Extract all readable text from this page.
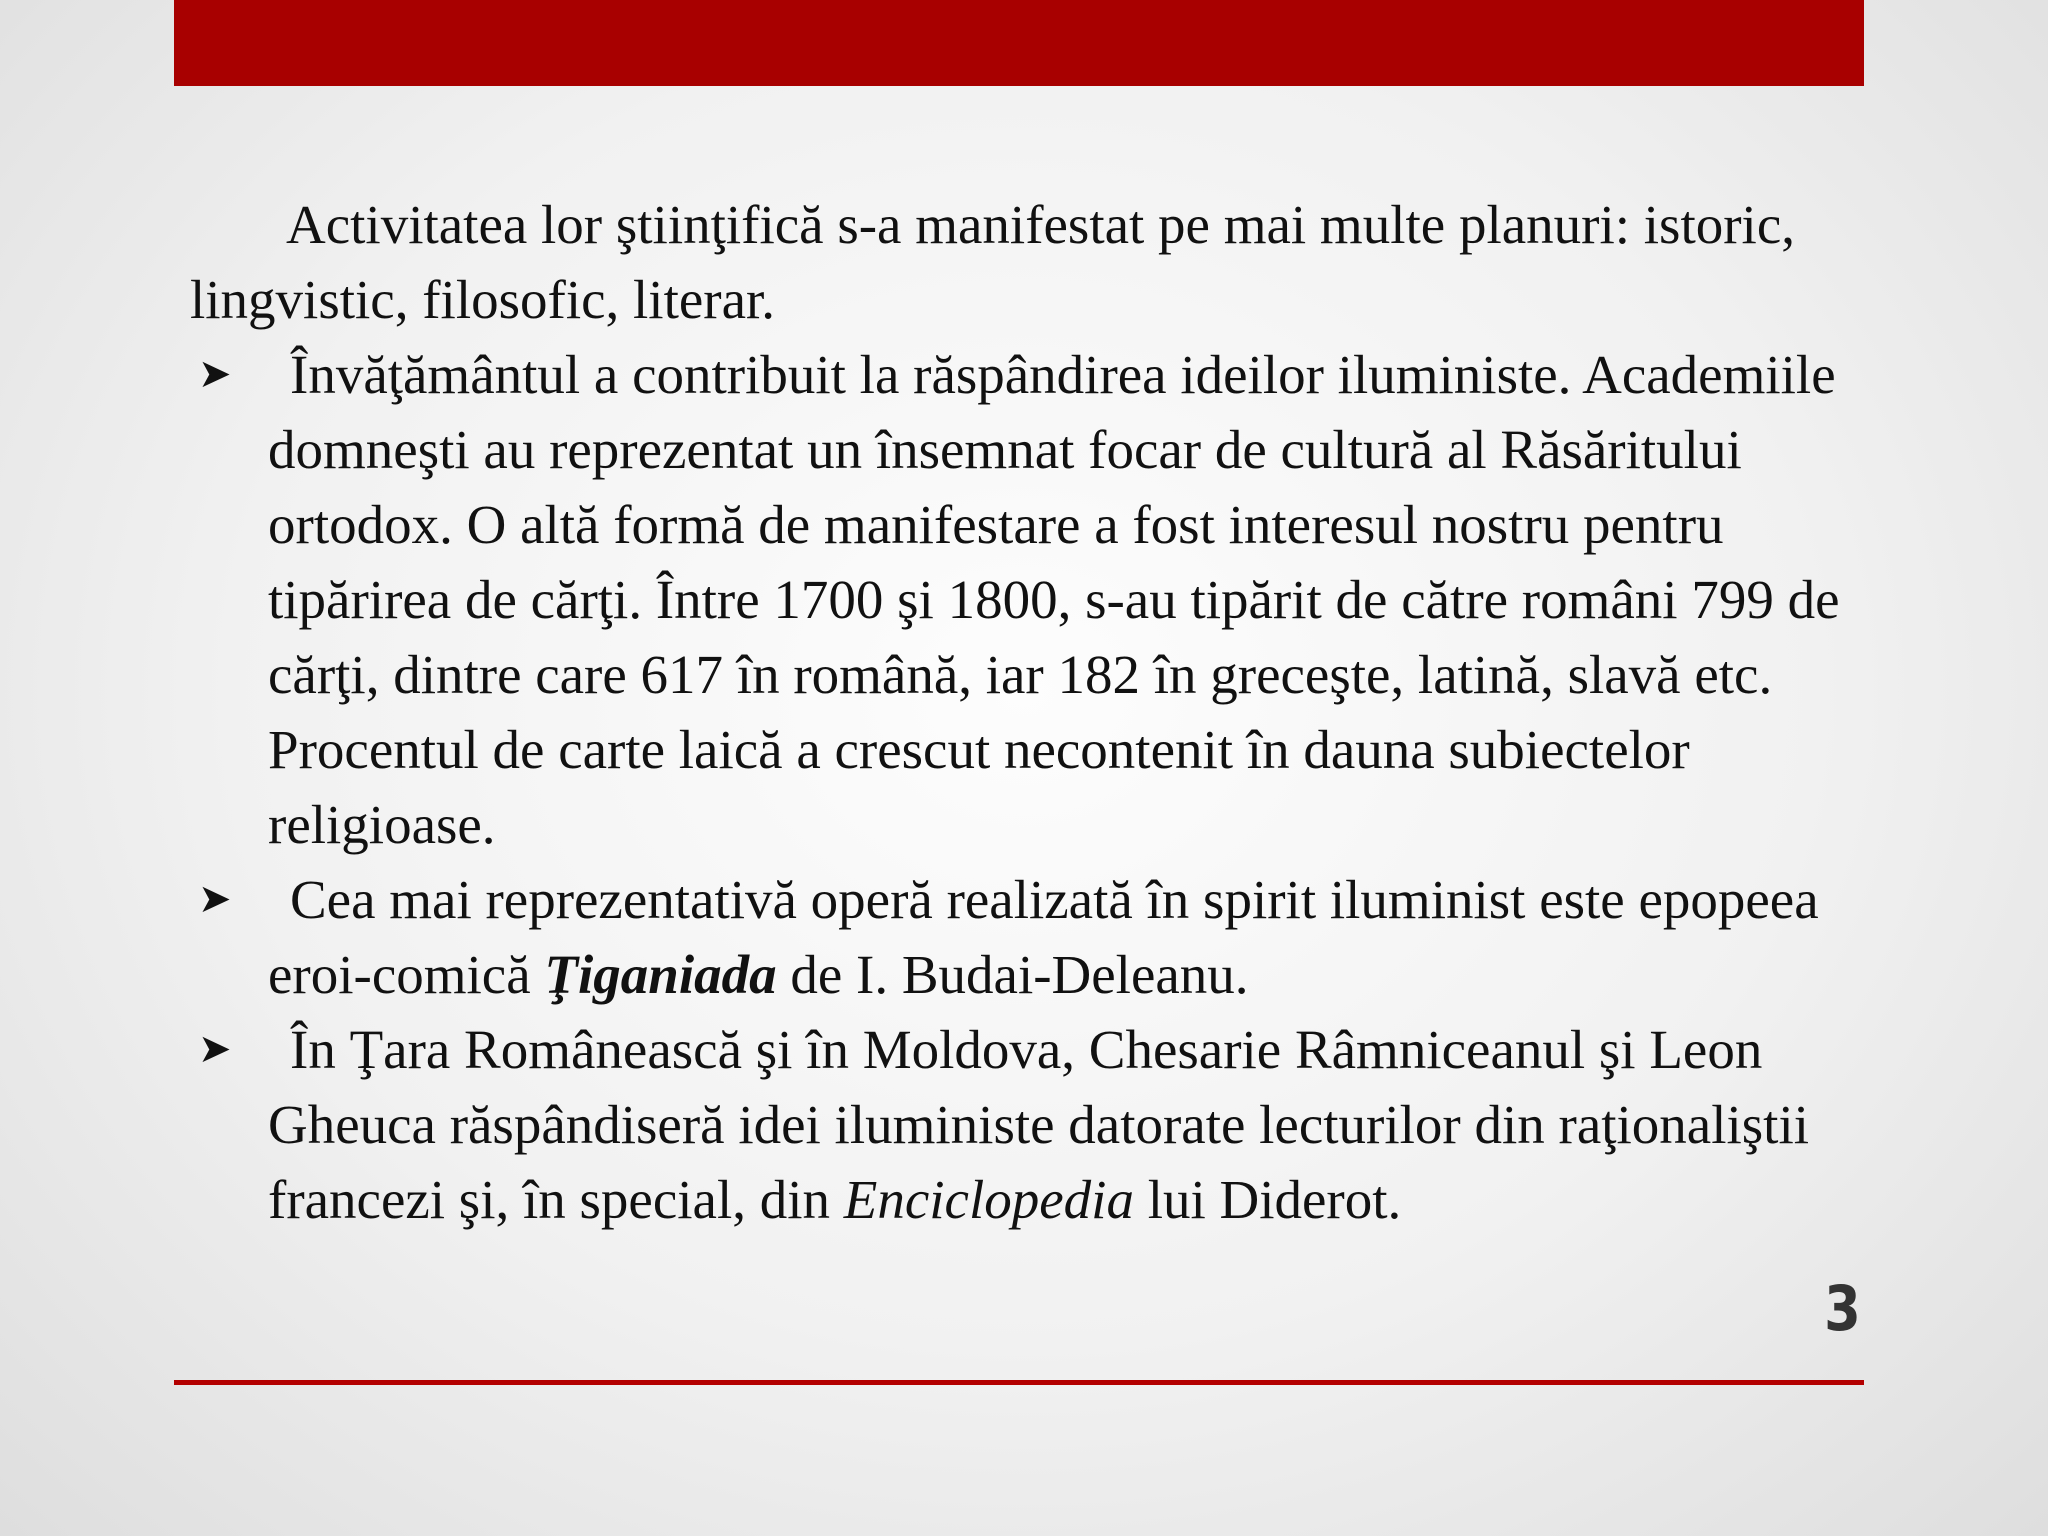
Activitatea lor ştiinţifică s-a manifestat pe mai multe planuri: istoric, lingvistic, filosofic, literar.

➤ Învăţământul a contribuit la răspândirea ideilor iluministe. Academiile domneşti au reprezentat un însemnat focar de cultură al Răsăritului ortodox. O altă formă de manifestare a fost interesul nostru pentru tipărirea de cărţi. Între 1700 şi 1800, s-au tipărit de către români 799 de cărţi, dintre care 617 în română, iar 182 în greceşte, latină, slavă etc. Procentul de carte laică a crescut necontenit în dauna subiectelor religioase.
➤ Cea mai reprezentativă operă realizată în spirit iluminist este epopeea eroi-comică Ţiganiada de I. Budai-Deleanu.
➤ În Ţara Românească şi în Moldova, Chesarie Râmniceanul şi Leon Gheuca răspândiseră idei iluministe datorate lecturilor din raţionaliştii francezi şi, în special, din Enciclopedia lui Diderot.
3
